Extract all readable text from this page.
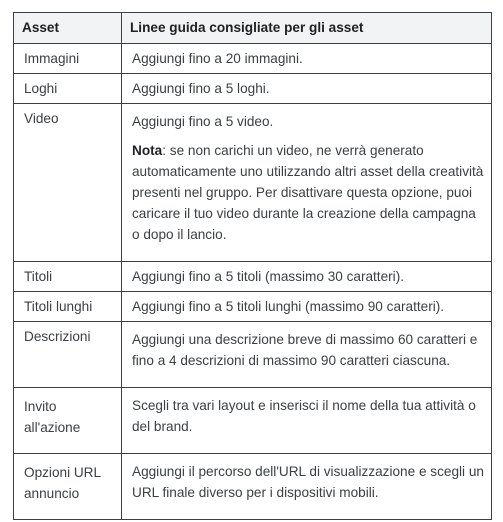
Asset	Linee guida consigliate per gli asset
Immagini	Aggiungi fino a 20 immagini.
Loghi	Aggiungi fino a 5 loghi.
Video	Aggiungi fino a 5 video.

Nota: se non carichi un video, ne verrà generato automaticamente uno utilizzando altri asset della creatività presenti nel gruppo. Per disattivare questa opzione, puoi caricare il tuo video durante la creazione della campagna o dopo il lancio.

Titoli	Aggiungi fino a 5 titoli (massimo 30 caratteri).
Titoli lunghi	Aggiungi fino a 5 titoli lunghi (massimo 90 caratteri).
Descrizioni	Aggiungi una descrizione breve di massimo 60 caratteri e fino a 4 descrizioni di massimo 90 caratteri ciascuna.
Invito all'azione	Scegli tra vari layout e inserisci il nome della tua attività o del brand.
Opzioni URL annuncio	Aggiungi il percorso dell'URL di visualizzazione e scegli un URL finale diverso per i dispositivi mobili.
